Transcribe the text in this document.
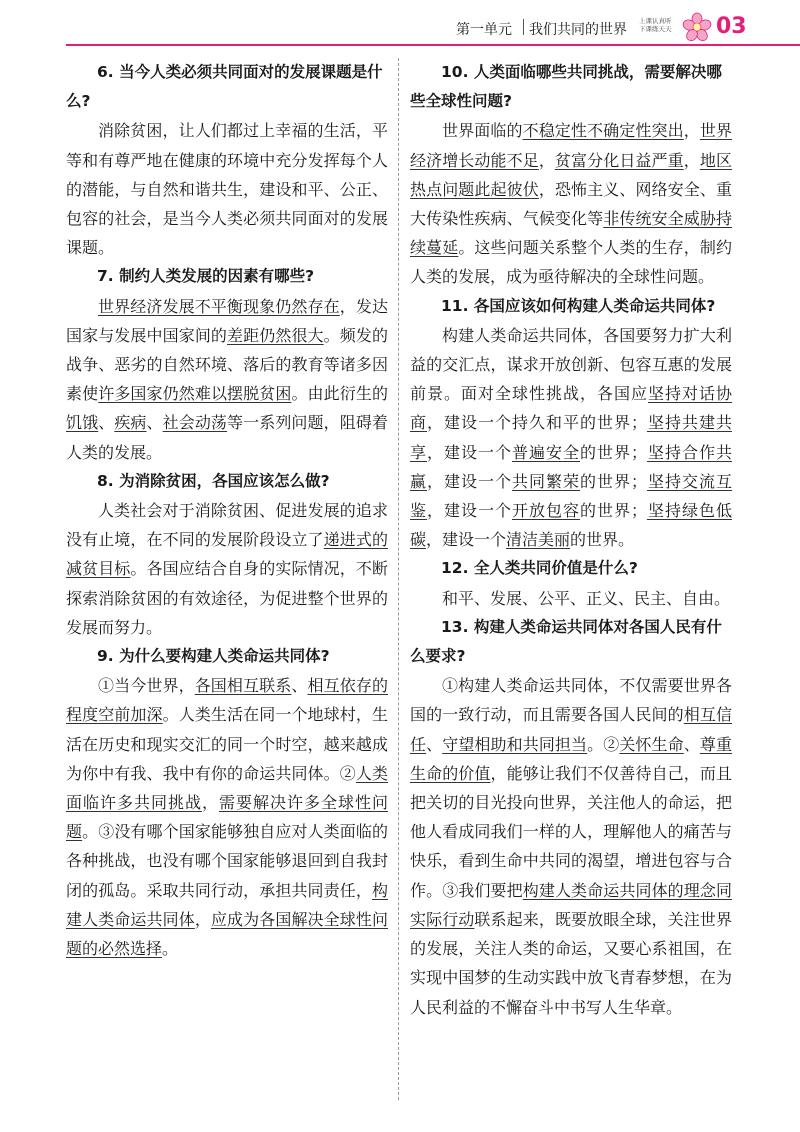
第一单元 我们共同的世界
上课认真听 下课练天天	03

6. 当今人类必须共同面对的发展课题是什么?

消除贫困，让人们都过上幸福的生活，平等和有尊严地在健康的环境中充分发挥每个人的潜能，与自然和谐共生，建设和平、公正、包容的社会，是当今人类必须共同面对的发展课题。

7. 制约人类发展的因素有哪些?

世界经济发展不平衡现象仍然存在，发达国家与发展中国家间的差距仍然很大。频发的战争、恶劣的自然环境、落后的教育等诸多因素使许多国家仍然难以摆脱贫困。由此衍生的饥饿、疾病、社会动荡等一系列问题，阻碍着人类的发展。

8. 为消除贫困，各国应该怎么做?

人类社会对于消除贫困、促进发展的追求没有止境，在不同的发展阶段设立了递进式的减贫目标。各国应结合自身的实际情况，不断探索消除贫困的有效途径，为促进整个世界的发展而努力。

9. 为什么要构建人类命运共同体?

①当今世界，各国相互联系、相互依存的程度空前加深。人类生活在同一个地球村，生活在历史和现实交汇的同一个时空，越来越成为你中有我、我中有你的命运共同体。②人类面临许多共同挑战，需要解决许多全球性问题。③没有哪个国家能够独自应对人类面临的各种挑战，也没有哪个国家能够退回到自我封闭的孤岛。采取共同行动，承担共同责任，构建人类命运共同体，应成为各国解决全球性问题的必然选择。

10. 人类面临哪些共同挑战，需要解决哪些全球性问题?

世界面临的不稳定性不确定性突出，世界经济增长动能不足，贫富分化日益严重，地区热点问题此起彼伏，恐怖主义、网络安全、重大传染性疾病、气候变化等非传统安全威胁持续蔓延。这些问题关系整个人类的生存，制约人类的发展，成为亟待解决的全球性问题。

11. 各国应该如何构建人类命运共同体?

构建人类命运共同体，各国要努力扩大利益的交汇点，谋求开放创新、包容互惠的发展前景。面对全球性挑战，各国应坚持对话协商，建设一个持久和平的世界；坚持共建共享，建设一个普遍安全的世界；坚持合作共赢，建设一个共同繁荣的世界；坚持交流互鉴，建设一个开放包容的世界；坚持绿色低碳，建设一个清洁美丽的世界。

12. 全人类共同价值是什么?

和平、发展、公平、正义、民主、自由。

13. 构建人类命运共同体对各国人民有什么要求?

①构建人类命运共同体，不仅需要世界各国的一致行动，而且需要各国人民间的相互信任、守望相助和共同担当。②关怀生命、尊重生命的价值，能够让我们不仅善待自己，而且把关切的目光投向世界，关注他人的命运，把他人看成同我们一样的人，理解他人的痛苦与快乐，看到生命中共同的渴望，增进包容与合作。③我们要把构建人类命运共同体的理念同实际行动联系起来，既要放眼全球，关注世界的发展，关注人类的命运，又要心系祖国，在实现中国梦的生动实践中放飞青春梦想，在为人民利益的不懈奋斗中书写人生华章。
